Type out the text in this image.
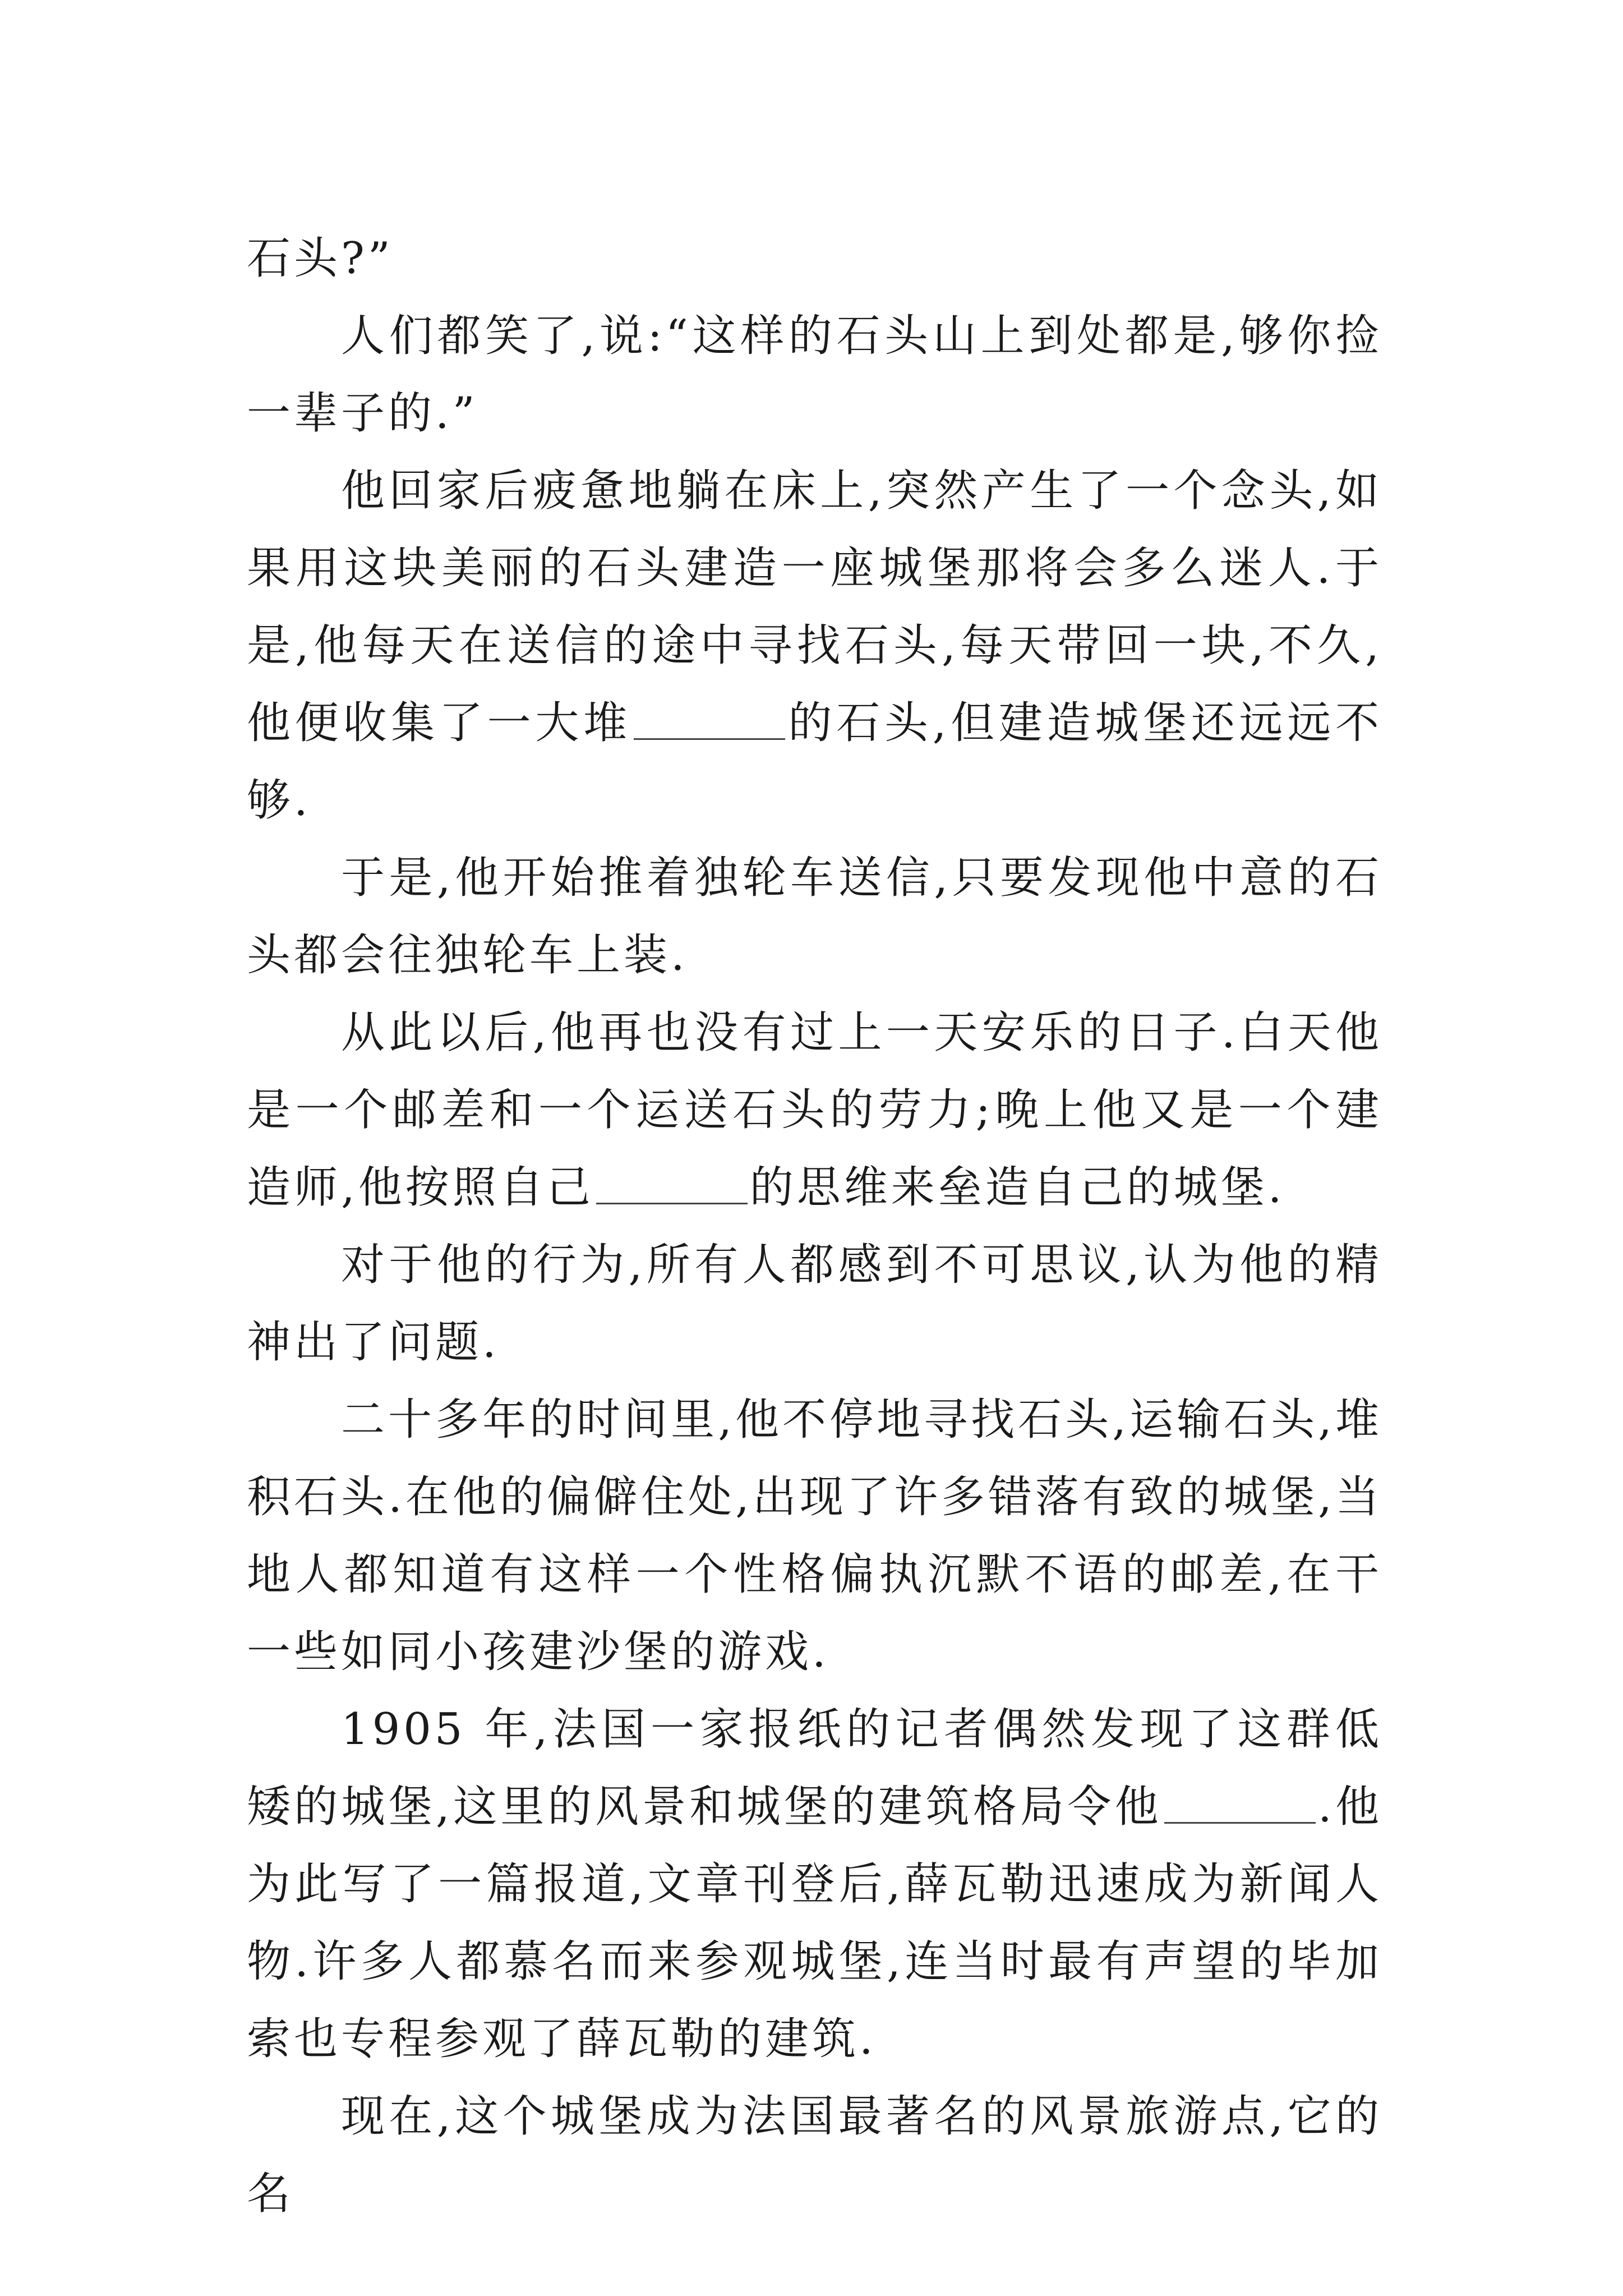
石头?”

人们都笑了,说:“这样的石头山上到处都是,够你捡一辈子的.”

他回家后疲惫地躺在床上,突然产生了一个念头,如果用这块美丽的石头建造一座城堡那将会多么迷人.于是,他每天在送信的途中寻找石头,每天带回一块,不久,他便收集了一大堆	的石头,但建造城堡还远远不够.

于是,他开始推着独轮车送信,只要发现他中意的石头都会往独轮车上装.

从此以后,他再也没有过上一天安乐的日子.白天他是一个邮差和一个运送石头的劳力;晚上他又是一个建造师,他按照自己	的思维来垒造自己的城堡.

对于他的行为,所有人都感到不可思议,认为他的精神出了问题.

二十多年的时间里,他不停地寻找石头,运输石头,堆积石头.在他的偏僻住处,出现了许多错落有致的城堡,当地人都知道有这样一个性格偏执沉默不语的邮差,在干一些如同小孩建沙堡的游戏.

1905 年,法国一家报纸的记者偶然发现了这群低矮的城堡,这里的风景和城堡的建筑格局令他	.他为此写了一篇报道,文章刊登后,薛瓦勒迅速成为新闻人物.许多人都慕名而来参观城堡,连当时最有声望的毕加索也专程参观了薛瓦勒的建筑.

现在,这个城堡成为法国最著名的风景旅游点,它的名
